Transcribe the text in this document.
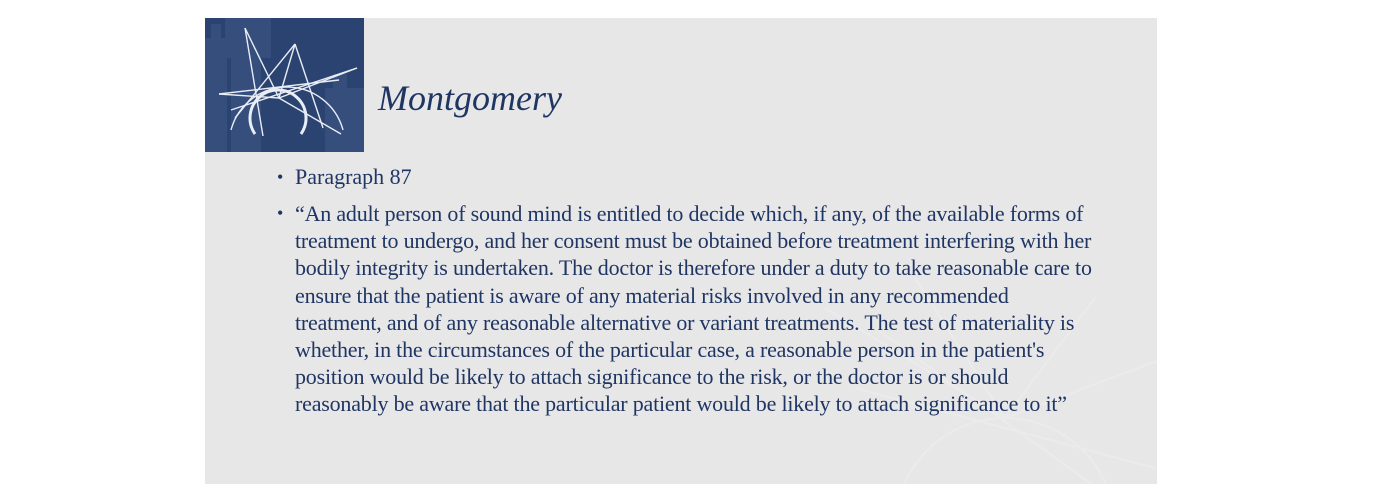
Montgomery
• Paragraph 87
• “An adult person of sound mind is entitled to decide which, if any, of the available forms of treatment to undergo, and her consent must be obtained before treatment interfering with her bodily integrity is undertaken. The doctor is therefore under a duty to take reasonable care to ensure that the patient is aware of any material risks involved in any recommended treatment, and of any reasonable alternative or variant treatments. The test of materiality is whether, in the circumstances of the particular case, a reasonable person in the patient's position would be likely to attach significance to the risk, or the doctor is or should reasonably be aware that the particular patient would be likely to attach significance to it”
